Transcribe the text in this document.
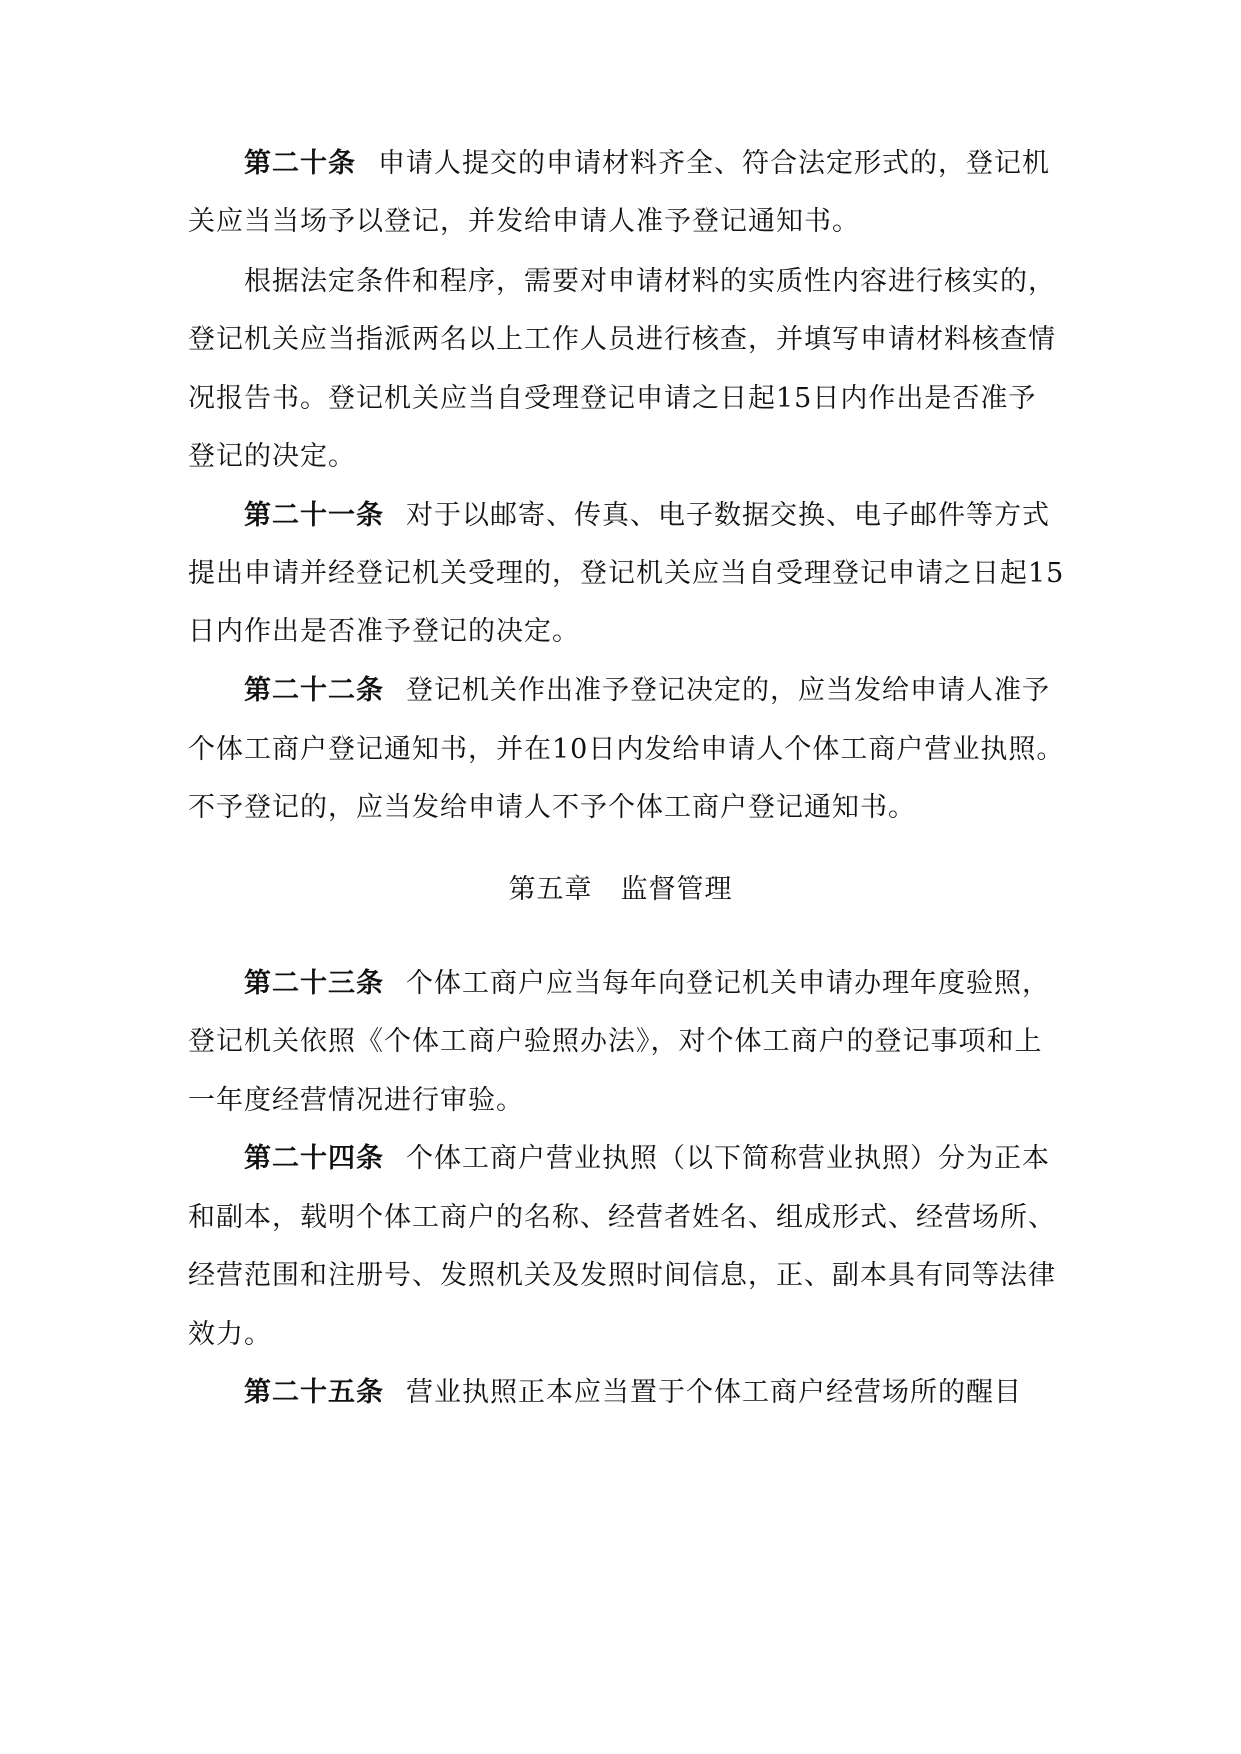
第二十条 申请人提交的申请材料齐全、符合法定形式的，登记机
关应当当场予以登记，并发给申请人准予登记通知书。
根据法定条件和程序，需要对申请材料的实质性内容进行核实的，
登记机关应当指派两名以上工作人员进行核查，并填写申请材料核查情
况报告书。登记机关应当自受理登记申请之日起15日内作出是否准予
登记的决定。
第二十一条 对于以邮寄、传真、电子数据交换、电子邮件等方式
提出申请并经登记机关受理的，登记机关应当自受理登记申请之日起15
日内作出是否准予登记的决定。
第二十二条 登记机关作出准予登记决定的，应当发给申请人准予
个体工商户登记通知书，并在10日内发给申请人个体工商户营业执照。
不予登记的，应当发给申请人不予个体工商户登记通知书。
第五章 监督管理
第二十三条 个体工商户应当每年向登记机关申请办理年度验照，
登记机关依照《个体工商户验照办法》，对个体工商户的登记事项和上
一年度经营情况进行审验。
第二十四条 个体工商户营业执照（以下简称营业执照）分为正本
和副本，载明个体工商户的名称、经营者姓名、组成形式、经营场所、
经营范围和注册号、发照机关及发照时间信息，正、副本具有同等法律
效力。
第二十五条 营业执照正本应当置于个体工商户经营场所的醒目
